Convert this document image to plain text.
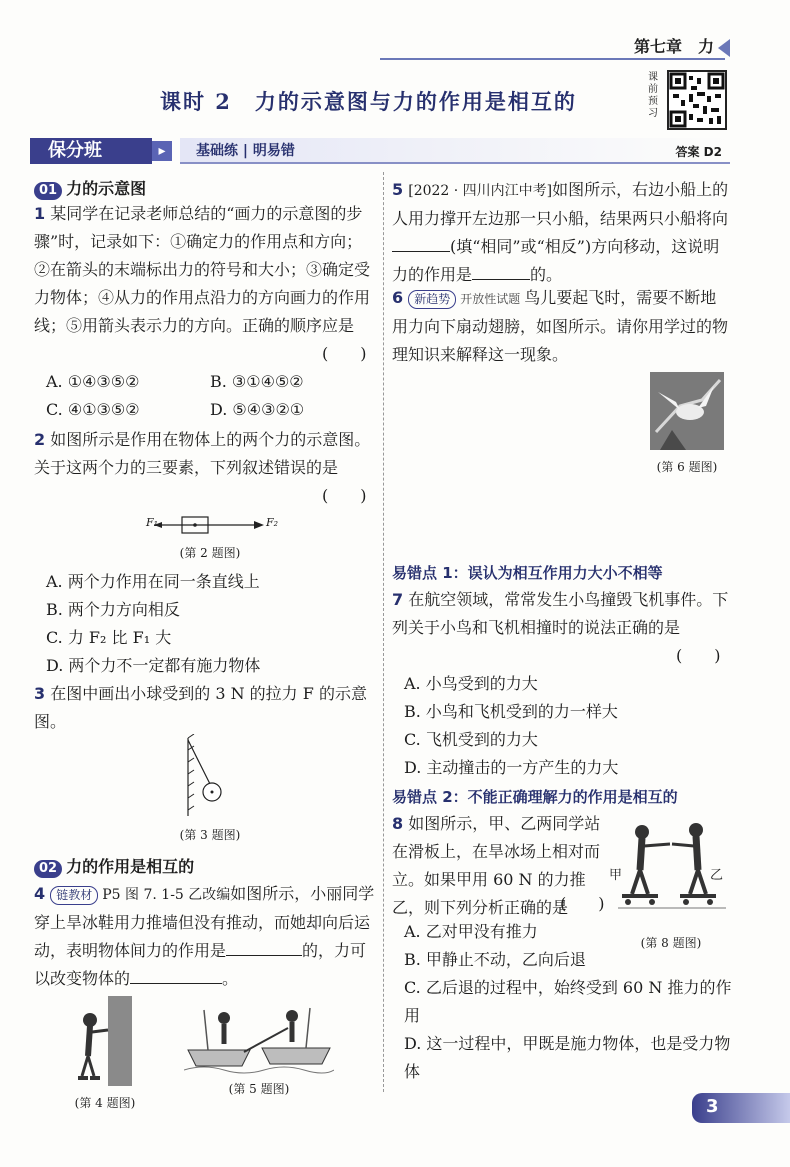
第七章　力
课时 2　力的示意图与力的作用是相互的
课前预习
保分班	▸	基础练 | 明易错	答案 D2
01 力的示意图
1 某同学在记录老师总结的“画力的示意图的步骤”时，记录如下：①确定力的作用点和方向；②在箭头的末端标出力的符号和大小；③确定受力物体；④从力的作用点沿力的方向画力的作用线；⑤用箭头表示力的方向。正确的顺序应是
(　　)
A. ①④③⑤②	B. ③①④⑤②
C. ④①③⑤②	D. ⑤④③②①
2 如图所示是作用在物体上的两个力的示意图。关于这两个力的三要素，下列叙述错误的是
(　　)
F₁	F₂
(第 2 题图)
A. 两个力作用在同一条直线上
B. 两个力方向相反
C. 力 F₂ 比 F₁ 大
D. 两个力不一定都有施力物体
3 在图中画出小球受到的 3 N 的拉力 F 的示意图。
(第 3 题图)
02 力的作用是相互的
4 链教材 P5 图 7. 1-5 乙改编如图所示，小丽同学穿上旱冰鞋用力推墙但没有推动，而她却向后运动，表明物体间力的作用是	的，力可以改变物体的	。
(第 4 题图)
(第 5 题图)
5 [2022 · 四川内江中考]如图所示，右边小船上的人用力撑开左边那一只小船，结果两只小船将向(填“相同”或“相反”)方向移动，这说明力的作用是	的。
6 新趋势 开放性试题 鸟儿要起飞时，需要不断地用力向下扇动翅膀，如图所示。请你用学过的物理知识来解释这一现象。
(第 6 题图)
易错点 1：误认为相互作用力大小不相等
7 在航空领域，常常发生小鸟撞毁飞机事件。下列关于小鸟和飞机相撞时的说法正确的是
(　　)
A. 小鸟受到的力大
B. 小鸟和飞机受到的力一样大
C. 飞机受到的力大
D. 主动撞击的一方产生的力大
易错点 2：不能正确理解力的作用是相互的
8 如图所示，甲、乙两同学站在滑板上，在旱冰场上相对而立。如果甲用 60 N 的力推乙，则下列分析正确的是
(　　)
甲	乙
(第 8 题图)
A. 乙对甲没有推力
B. 甲静止不动，乙向后退
C. 乙后退的过程中，始终受到 60 N 推力的作用
D. 这一过程中，甲既是施力物体，也是受力物体
3
